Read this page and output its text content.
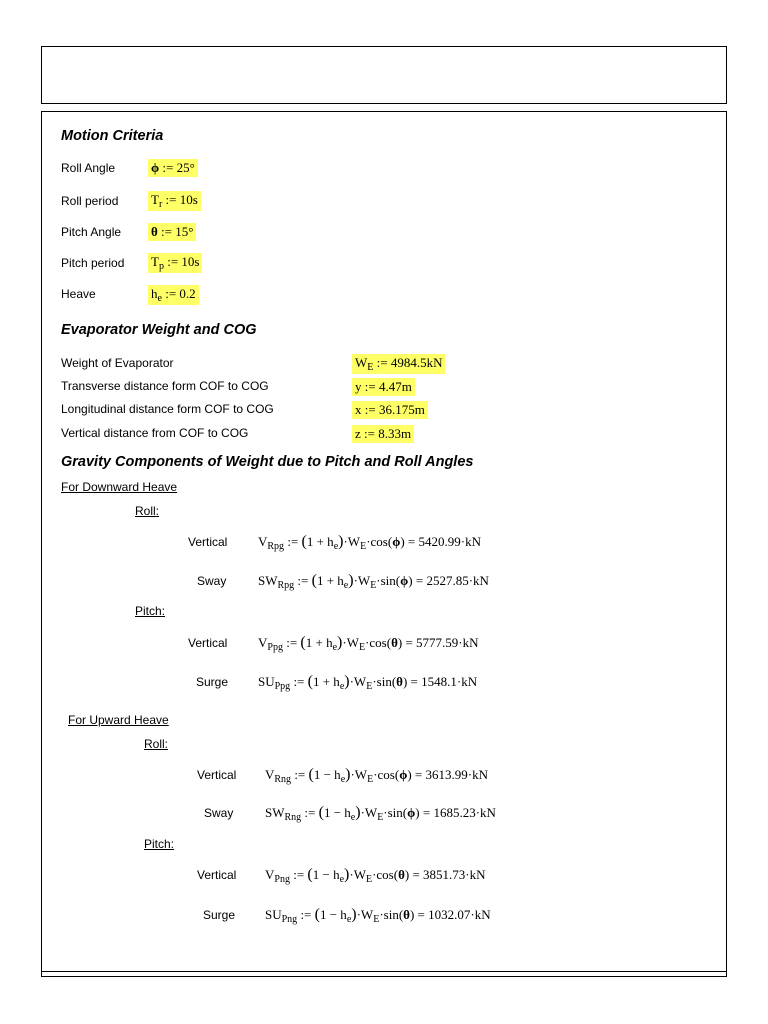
Motion Criteria
Roll Angle	ϕ := 25°
Roll period	$T_r$ := 10s
Pitch Angle θ := 15°
Pitch period $T_p$ := 10s
Heave	$h_e$ := 0.2
Evaporator Weight and COG
Weight of Evaporator	$W_E$ := 4984.5kN
Transverse distance form COF to COG	y := 4.47m
Longitudinal distance form COF to COG	x := 36.175m
Vertical distance from COF to COG	z := 8.33m
Gravity Components of Weight due to Pitch and Roll Angles
For Downward Heave
Roll:
Vertical $V_{Rpg}$ := $(1 + h_e)\cdot W_E\cdot\cos(\phi) = 5420.99\cdot kN$
Sway $SW_{Rpg}$ := $(1 + h_e)\cdot W_E\cdot\sin(\phi) = 2527.85\cdot kN$
Pitch:
Vertical $V_{Ppg}$ := $(1 + h_e)\cdot W_E\cdot\cos(\theta) = 5777.59\cdot kN$
Surge $SU_{Ppg}$ := $(1 + h_e)\cdot W_E\cdot\sin(\theta) = 1548.1\cdot kN$
For Upward Heave
Roll:
Vertical $V_{Rng}$ := $(1 - h_e)\cdot W_E\cdot\cos(\phi) = 3613.99\cdot kN$
Sway $SW_{Rng}$ := $(1 - h_e)\cdot W_E\cdot\sin(\phi) = 1685.23\cdot kN$
Pitch:
Vertical $V_{Png}$ := $(1 - h_e)\cdot W_E\cdot\cos(\theta) = 3851.73\cdot kN$
Surge $SU_{Png}$ := $(1 - h_e)\cdot W_E\cdot\sin(\theta) = 1032.07\cdot kN$
